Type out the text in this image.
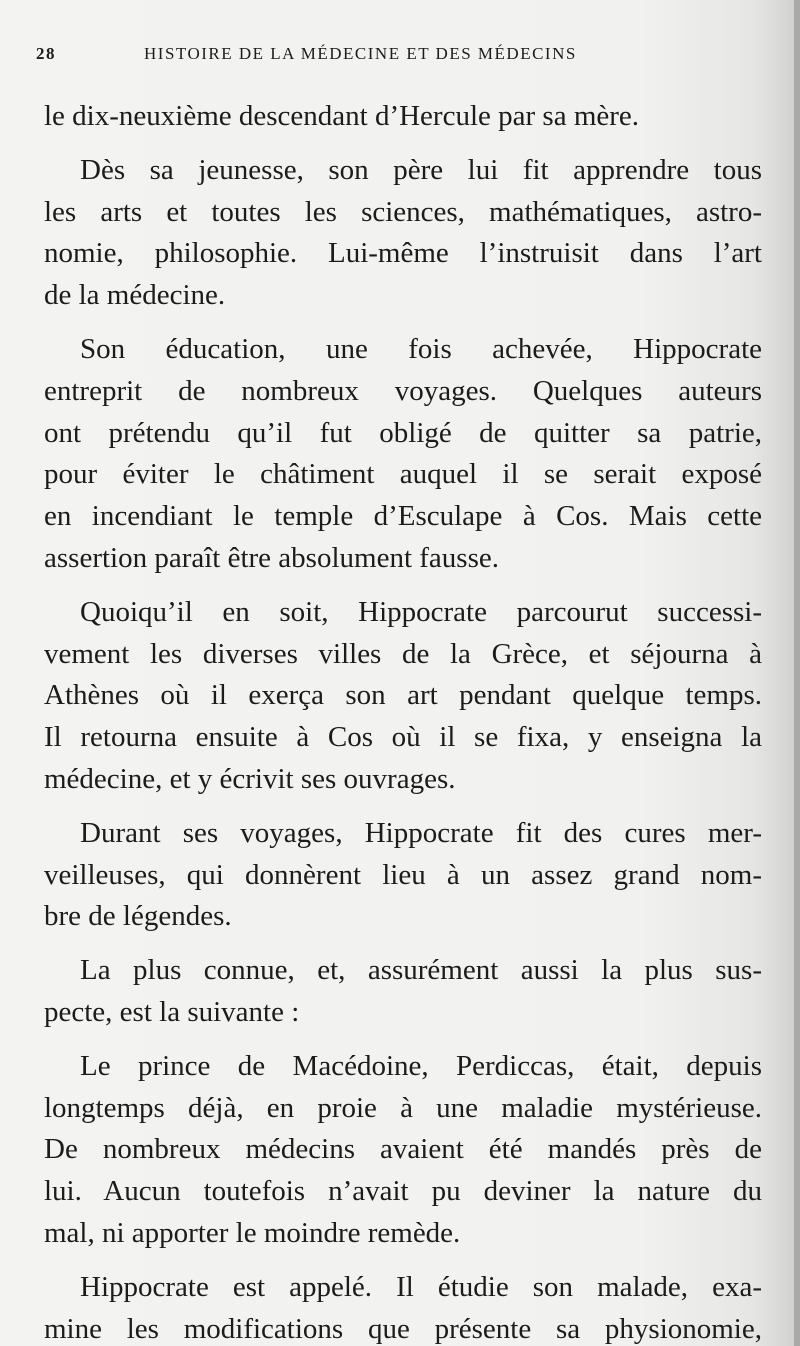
28	HISTOIRE DE LA MÉDECINE ET DES MÉDECINS

le dix-neuxième descendant d’Hercule par sa mère.

Dès sa jeunesse, son père lui fit apprendre tous
les arts et toutes les sciences, mathématiques, astro-
nomie, philosophie. Lui-même l’instruisit dans l’art
de la médecine.

Son éducation, une fois achevée, Hippocrate
entreprit de nombreux voyages. Quelques auteurs
ont prétendu qu’il fut obligé de quitter sa patrie,
pour éviter le châtiment auquel il se serait exposé
en incendiant le temple d’Esculape à Cos. Mais cette
assertion paraît être absolument fausse.

Quoiqu’il en soit, Hippocrate parcourut successi-
vement les diverses villes de la Grèce, et séjourna à
Athènes où il exerça son art pendant quelque temps.
Il retourna ensuite à Cos où il se fixa, y enseigna la
médecine, et y écrivit ses ouvrages.

Durant ses voyages, Hippocrate fit des cures mer-
veilleuses, qui donnèrent lieu à un assez grand nom-
bre de légendes.

La plus connue, et, assurément aussi la plus sus-
pecte, est la suivante :

Le prince de Macédoine, Perdiccas, était, depuis
longtemps déjà, en proie à une maladie mystérieuse.
De nombreux médecins avaient été mandés près de
lui. Aucun toutefois n’avait pu deviner la nature du
mal, ni apporter le moindre remède.

Hippocrate est appelé. Il étudie son malade, exa-
mine les modifications que présente sa physionomie,
